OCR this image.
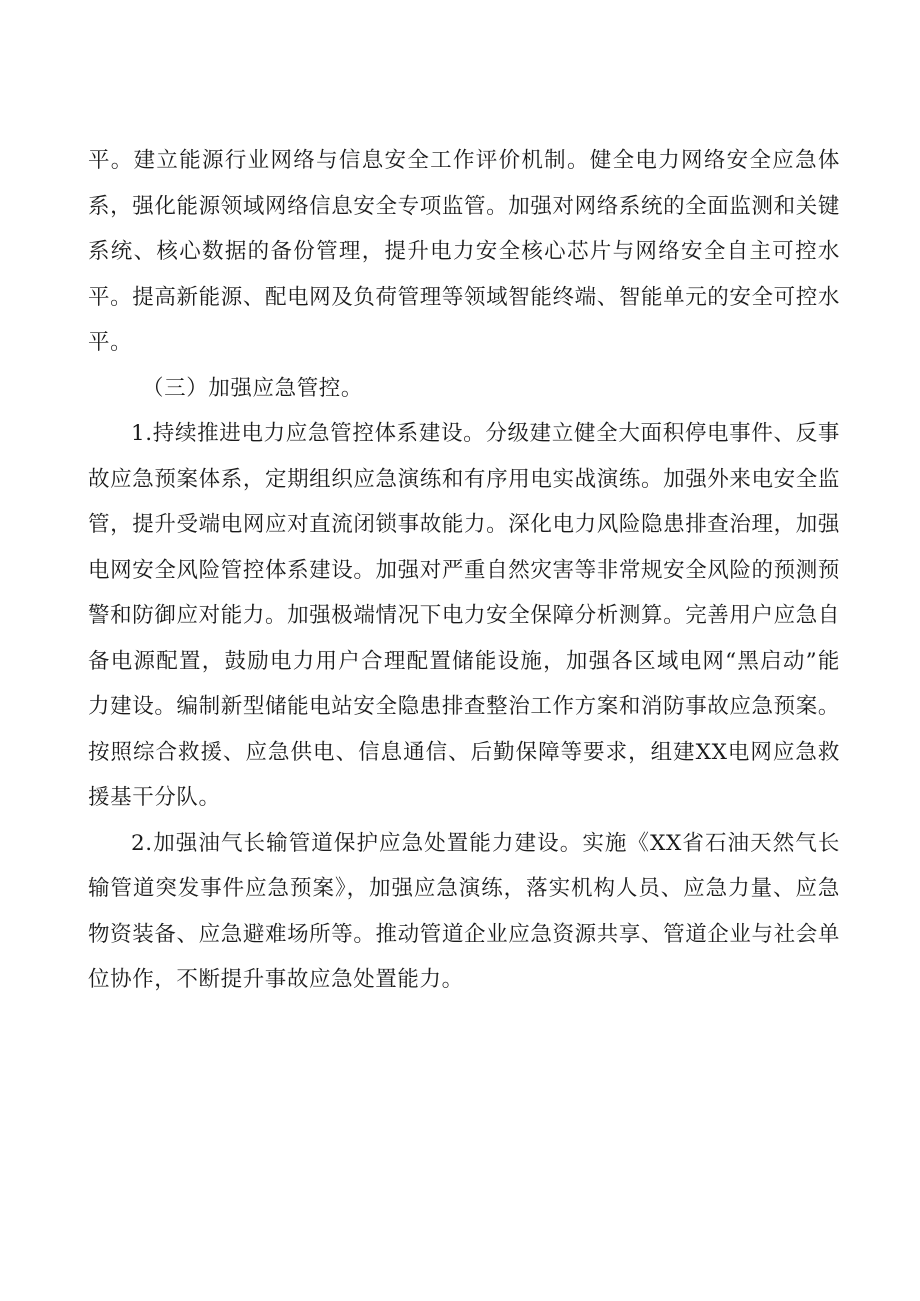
平。建立能源行业网络与信息安全工作评价机制。健全电力网络安全应急体系，强化能源领域网络信息安全专项监管。加强对网络系统的全面监测和关键系统、核心数据的备份管理，提升电力安全核心芯片与网络安全自主可控水平。提高新能源、配电网及负荷管理等领域智能终端、智能单元的安全可控水平。

（三）加强应急管控。

1.持续推进电力应急管控体系建设。分级建立健全大面积停电事件、反事故应急预案体系，定期组织应急演练和有序用电实战演练。加强外来电安全监管，提升受端电网应对直流闭锁事故能力。深化电力风险隐患排查治理，加强电网安全风险管控体系建设。加强对严重自然灾害等非常规安全风险的预测预警和防御应对能力。加强极端情况下电力安全保障分析测算。完善用户应急自备电源配置，鼓励电力用户合理配置储能设施，加强各区域电网“黑启动”能力建设。编制新型储能电站安全隐患排查整治工作方案和消防事故应急预案。按照综合救援、应急供电、信息通信、后勤保障等要求，组建XX电网应急救援基干分队。

2.加强油气长输管道保护应急处置能力建设。实施《XX省石油天然气长输管道突发事件应急预案》，加强应急演练，落实机构人员、应急力量、应急物资装备、应急避难场所等。推动管道企业应急资源共享、管道企业与社会单位协作，不断提升事故应急处置能力。
